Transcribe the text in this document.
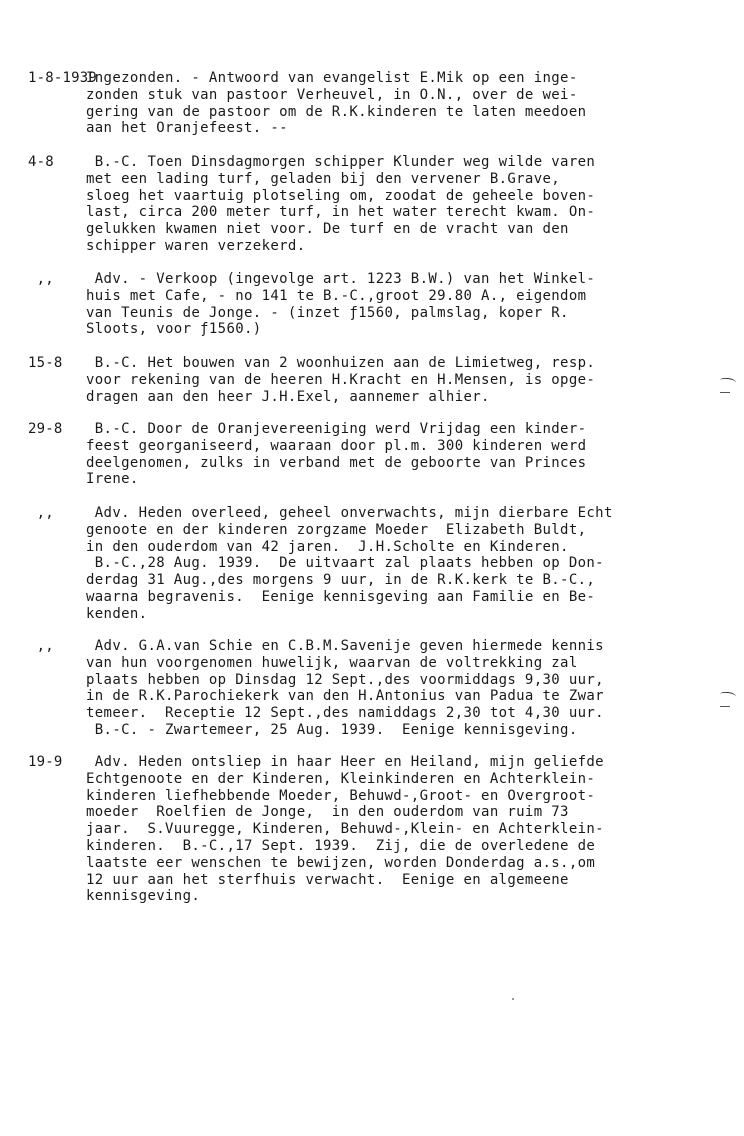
1-8-1939
Ingezonden. - Antwoord van evangelist E.Mik op een inge-
zonden stuk van pastoor Verheuvel, in O.N., over de wei-
gering van de pastoor om de R.K.kinderen te laten meedoen
aan het Oranjefeest. --
4-8 B.-C. Toen Dinsdagmorgen schipper Klunder weg wilde varen
met een lading turf, geladen bij den vervener B.Grave,
sloeg het vaartuig plotseling om, zoodat de geheele boven-
last, circa 200 meter turf, in het water terecht kwam. On-
gelukken kwamen niet voor. De turf en de vracht van den
schipper waren verzekerd.
,, Adv. - Verkoop (ingevolge art. 1223 B.W.) van het Winkel-
huis met Cafe, - no 141 te B.-C.,groot 29.80 A., eigendom
van Teunis de Jonge. - (inzet ƒ1560, palmslag, koper R.
Sloots, voor ƒ1560.)
15-8 B.-C. Het bouwen van 2 woonhuizen aan de Limietweg, resp.
voor rekening van de heeren H.Kracht en H.Mensen, is opge-
dragen aan den heer J.H.Exel, aannemer alhier.
29-8 B.-C. Door de Oranjevereeniging werd Vrijdag een kinder-
feest georganiseerd, waaraan door pl.m. 300 kinderen werd
deelgenomen, zulks in verband met de geboorte van Princes
Irene.
,, Adv. Heden overleed, geheel onverwachts, mijn dierbare Echt
genoote en der kinderen zorgzame Moeder  Elizabeth Buldt,
in den ouderdom van 42 jaren.  J.H.Scholte en Kinderen.
B.-C.,28 Aug. 1939.  De uitvaart zal plaats hebben op Don-
derdag 31 Aug.,des morgens 9 uur, in de R.K.kerk te B.-C.,
waarna begravenis.  Eenige kennisgeving aan Familie en Be-
kenden.
,, Adv. G.A.van Schie en C.B.M.Savenije geven hiermede kennis
van hun voorgenomen huwelijk, waarvan de voltrekking zal
plaats hebben op Dinsdag 12 Sept.,des voormiddags 9,30 uur,
in de R.K.Parochiekerk van den H.Antonius van Padua te Zwar
temeer.  Receptie 12 Sept.,des namiddags 2,30 tot 4,30 uur.
B.-C. - Zwartemeer, 25 Aug. 1939.  Eenige kennisgeving.
19-9 Adv. Heden ontsliep in haar Heer en Heiland, mijn geliefde
Echtgenoote en der Kinderen, Kleinkinderen en Achterklein-
kinderen liefhebbende Moeder, Behuwd-,Groot- en Overgroot-
moeder  Roelfien de Jonge,  in den ouderdom van ruim 73
jaar.  S.Vuuregge, Kinderen, Behuwd-,Klein- en Achterklein-
kinderen.  B.-C.,17 Sept. 1939.  Zij, die de overledene de
laatste eer wenschen te bewijzen, worden Donderdag a.s.,om
12 uur aan het sterfhuis verwacht.  Eenige en algemeene
kennisgeving.
